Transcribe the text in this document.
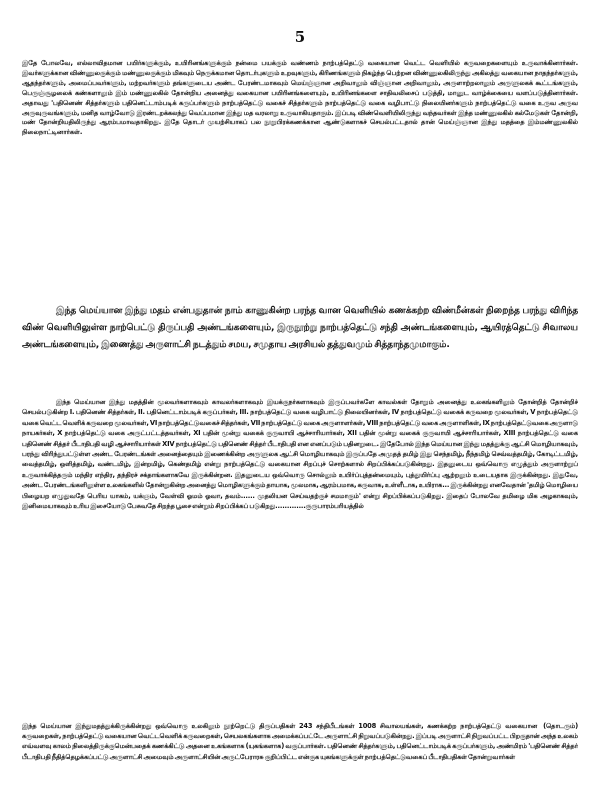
5

இதே போலவே, எல்லாவிதமான பயிர்களுக்கும், உயிரினங்களுக்கும் நன்மை பயக்கும் வண்ணம் நாற்பத்தெட்டு வகையான வெட்ட வெளியில் கருவறைகளையும் உருவாக்கினார்கள். இவர்களுக்கான விண்ணுலகுக்கும் மண்ணுலகுக்கும் மிகவும் நெருக்கமான தொடர்புகளும் உறவுகளும், கிரிணங்களும் நிகழ்ந்த பெற்றன விண்ணுலகிலிருந்து அகிலத்து வகையான நாதந்தர்களும், ஆதந்தர்களும், அமைப்பவர்களும், மற்றவர்களும் தங்களுடைய அண்ட பேரண்டமாகவும் மெய்ஞ்ஞான அறிவாலும் விஞ்ஞான அறிவாலும், அருளாற்றலாலும் அருளுலகக் கூட்டங்களும், பெருஞ்சூழலைக் கண்களாலும் இம் மண்ணுலகில் தோன்றிய அனைத்து வகையான பயிரினங்களையும், உயிரினங்களை சாதிவலிசைப் படுத்தி, மானுட வாழ்க்கையை வளப்படுத்தினார்கள். அதாவது 'பதினெண் சித்தர்களும் பதினெட்டாம்படிக் கருப்பர்களும் நாற்பத்தெட்டு வகைச் சித்தர்களும் நாற்பத்தெட்டு வகை வழிபாட்டு நிலையினர்களும் நாற்பத்தெட்டு வகை உருவ அருவ அருவுருவங்களும், மனித வாழ்வோடு இரண்டறக்கலந்து வெப்பமான இந்து மத வரலாறு உருவாகியதாகும். இப்படி விண்வெளியிலிருந்து வந்தவர்கள் இந்த மண்ணுலகில் கல்மேடுகள் தோன்றி, மண் தோன்றியதிலிருந்து ஆரம்பமாவதாகிறது. இதே தொடர் முயற்சியாகப் பல நூறுபிரக்கணக்கான ஆண்டுகளாகச் செயல்பட்டதால் தான் மெய்ஞ்ஞான இந்து மதத்தை இம்மண்ணுலகில் நிலைநாட்டினார்கள்.

இந்த மெய்யான இந்து மதம் என்பதுதான் நாம் காணுகின்ற பரந்த வான வெளியில் கணக்கற்ற விண்மீன்கள் நிறைந்த பரந்து விரிந்த விண் வெளியிலுள்ள நாற்பெட்டு திருப்பதி அண்டங்களையும், இருநூற்று நாற்பத்தெட்டு சந்தி அண்டங்களையும், ஆயிரத்தெட்டு சிவாலய அண்டங்களையும், இணைத்து அருளாட்சி நடத்தும் சமய, சமுதாய அரசியல் தத்துவமும் சித்தாந்தமுமாகும்.

இந்த மெய்யான இந்து மதத்தின் மூலவர்களாகவும் காவலர்களாகவும் இயக்குநர்களாகவும் இருப்பவர்களே காவல்கள் தோறும் அனைத்து உலகங்களிலும் தோன்றித் தோன்றிச் செயல்படுகின்ற I. பதினெண் சித்தர்கள், II. பதினெட்டாம்படிக் கருப்பர்கள், III. நாற்பத்தெட்டு வகை வழிபாட்டு நிலையினர்கள், IV நாற்பத்தெட்டு வகைக் கருவறை மூலவர்கள், V நாற்பத்தெட்டு வகை வெட்ட வெளிக் கருவறை மூலவர்கள், VI நாற்பத்தெட்டுவகைச் சித்தர்கள், VII நாற்பத்தெட்டு வகை அருளாளர்கள், VIII நாற்பத்தெட்டு வகை அருளாளிகள், IX நாற்பத்தெட்டுவகை அருளாடு நாயகர்கள், X நாற்பத்தெட்டு வகை அருட்பட்டத்தவர்கள், XI பதின் மூன்று வகைக் குருவாயி ஆச்சாரியார்கள், XII பதின் மூன்று வகைக் குருவாயி ஆச்சாரியார்கள், XIII நாற்பத்தெட்டு வகை பதினெண் சித்தர் பீடாதிபதி வழி ஆச்சாரியார்கள் XIV நாற்பத்தெட்டு பதினெண் சித்தர் பீடாதிபதி என எனப்படும் பதினறுடை. இதேபோல் இந்த மெய்யான இந்து மதத்துக்கு ஆட்சி மொழியாகவும், பரந்து விரிந்துபட்டுள்ள அண்ட பேரண்டங்கள் அனைத்தையும் இணைக்கின்ற அருளுலக ஆட்சி மொழியாகவும் இருப்பதே அமுதத் தமிழ் இது செந்தமிழ், நீந்தமிழ் செவ்வத்தமிழ், கோடிட்டமிழ், வைத்தமிழ், ஒளித்தமிழ், வண்டமிழ், இன்றமிழ், கெண்தமிழ் என்று நாற்பத்தெட்டு வகையான சிறப்புச் சொற்களால் சிறப்பிக்கப்படுகின்றது. இதனுடைய ஒவ்வொரு எழுத்தும் அருளாற்றுப் உருவாக்கித்தரும் மந்திர எந்திர, தந்திரச் சக்தாங்களாகவே இருக்கின்றன. இதனுடைய ஒவ்வொரு சொல்லும் உயிர்ப்புத்தன்மையும், புத்துயிர்ப்பு ஆற்றலும் உடையதாக இருக்கின்றது. இதுவே, அண்ட பேரண்டங்களிலுள்ள உலகங்களில் தோன்றுகின்ற அனைத்து மொழிகளுக்கும் தாயாக, மூலமாக, ஆரம்பமாக, கருவாக, உள்ளீடாக, உயிராக... இருக்கின்றது எனவேதான் 'தமிழ் மொழியை பிழையற எழுதுவதே பெரிய யாகம், யக்ஞம், வேள்வி ஓமம் ஓவா, தவம்...... முதலியன செய்வதற்குச் சமமாகும்' என்று சிறப்பிக்கப்படுகிறது. இதைப் போலவே தமிழை மிக அழகாகவும், இனிமையாகவும் உரிய இசையோடு பேசுவதே சிறந்த பூசை என்றும் சிறப்பிக்கப் படுகிறது.............குருபாரம்பரியத்தில்

(தொடரும்)
இந்த மெய்யான இந்துமதத்துக்கிருக்கின்றது ஒவ்வொரு உலகிலும் நூற்றெட்டு திருப்பதிகள் 243 சந்திபீடங்கள் 1008 சிவாலயங்கள், கணக்கற்ற நாற்பத்தெட்டு வகையான கருவறைகள், நாற்பத்தெட்டு வகையான வெட்டவெளிக் கருவறைகள், செயலகங்களாக அமைக்கப்பட்டே அருளாட்சி நிறுவப்படுகின்றது. இப்படி அருளாட்சி நிறுவப்பட்ட பிறகுதான் அந்த உலகம் எவ்வளவு காலம் நிலைத்திருக்குமென்பதைக் கணக்கிட்டு அதனை உகங்களாக (யுகங்களாக) வகுப்பார்கள். பதினெண் சித்தர்களும், பதினெட்டாம்படிக் கருப்பர்களும், அண்மிரம் 'பதினெண் சித்தர் பீடாதிபதி நீதித்தெழக்கப்பட்டு அருளாட்சி அமைவும் அருளாட்சியின் அருட்பேராரசு குறிப்பிட்ட என்குக யுகங்களுக்குள் நாற்பத்தெட்டுவகைப் பீடாதிபதிகள் தோன்றுவார்கள்
